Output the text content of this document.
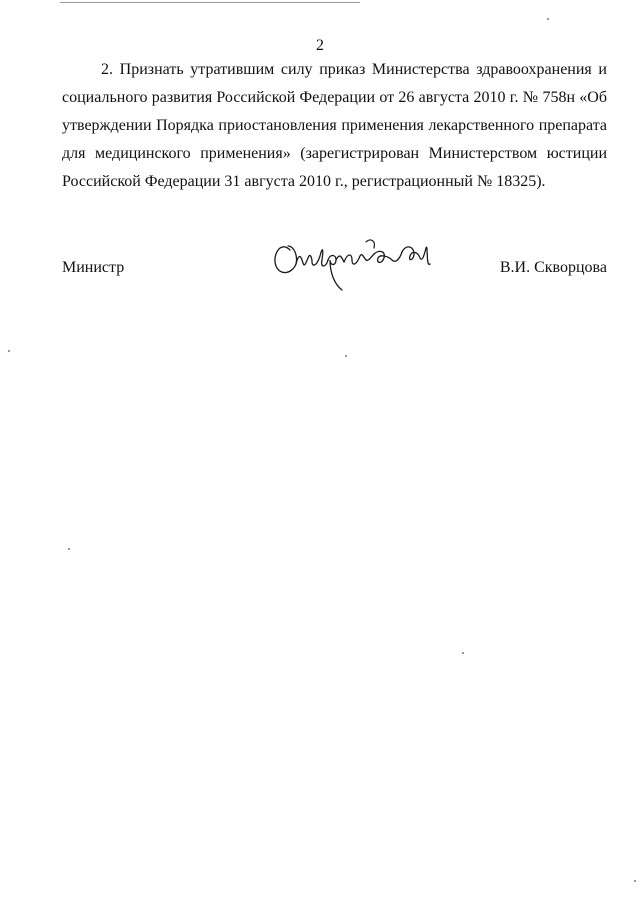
2

2. Признать утратившим силу приказ Министерства здравоохранения и социального развития Российской Федерации от 26 августа 2010 г. № 758н «Об утверждении Порядка приостановления применения лекарственного препарата для медицинского применения» (зарегистрирован Министерством юстиции Российской Федерации 31 августа 2010 г., регистрационный № 18325).

Министр	В.И. Скворцова
